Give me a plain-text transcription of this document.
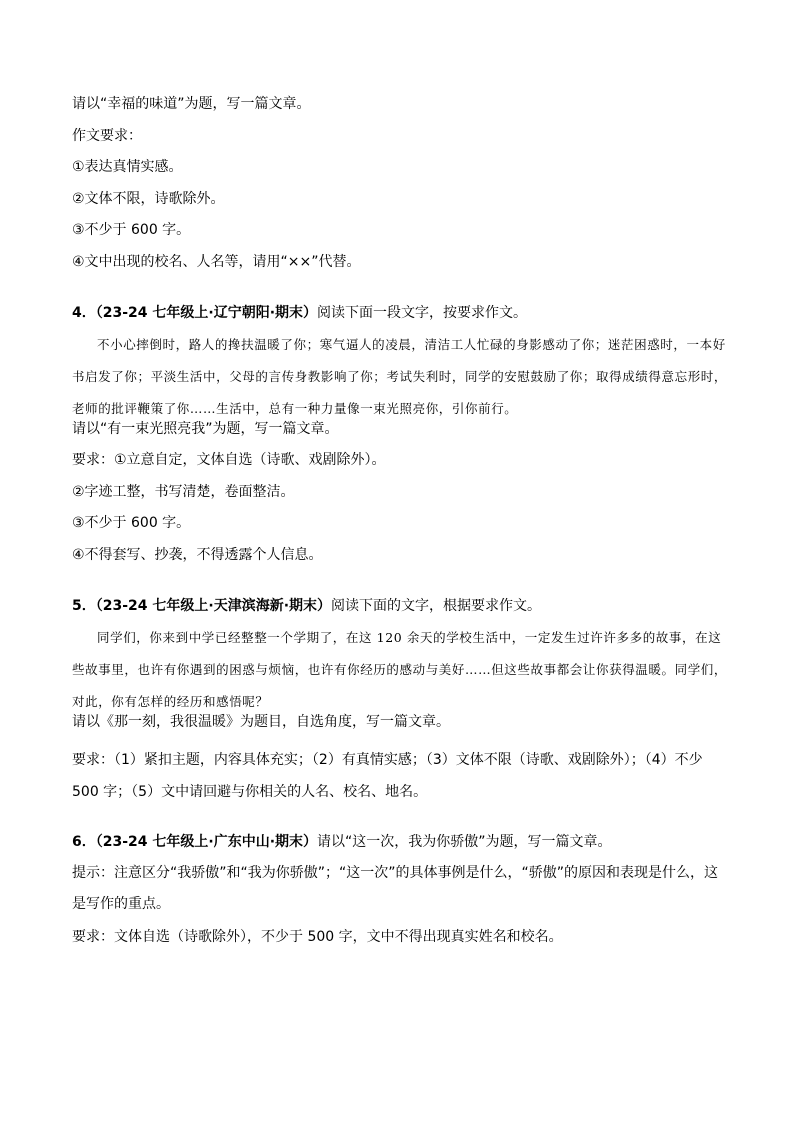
请以“幸福的味道”为题，写一篇文章。
作文要求：
①表达真情实感。
②文体不限，诗歌除外。
③不少于 600 字。
④文中出现的校名、人名等，请用“××”代替。
4．（23-24 七年级上·辽宁朝阳·期末）阅读下面一段文字，按要求作文。

不小心摔倒时，路人的搀扶温暖了你；寒气逼人的凌晨，清洁工人忙碌的身影感动了你；迷茫困惑时，一本好书启发了你；平淡生活中，父母的言传身教影响了你；考试失利时，同学的安慰鼓励了你；取得成绩得意忘形时，老师的批评鞭策了你……生活中，总有一种力量像一束光照亮你，引你前行。

请以“有一束光照亮我”为题，写一篇文章。
要求：①立意自定，文体自选（诗歌、戏剧除外）。
②字迹工整，书写清楚，卷面整洁。
③不少于 600 字。
④不得套写、抄袭，不得透露个人信息。
5．（23-24 七年级上·天津滨海新·期末）阅读下面的文字，根据要求作文。

同学们，你来到中学已经整整一个学期了，在这 120 余天的学校生活中，一定发生过许许多多的故事，在这些故事里，也许有你遇到的困惑与烦恼，也许有你经历的感动与美好……但这些故事都会让你获得温暖。同学们，对此，你有怎样的经历和感悟呢？

请以《那一刻，我很温暖》为题目，自选角度，写一篇文章。
要求：（1）紧扣主题，内容具体充实；（2）有真情实感；（3）文体不限（诗歌、戏剧除外）；（4）不少 500 字；（5）文中请回避与你相关的人名、校名、地名。
6．（23-24 七年级上·广东中山·期末）请以“这一次，我为你骄傲”为题，写一篇文章。
提示：注意区分“我骄傲”和“我为你骄傲”；“这一次”的具体事例是什么，“骄傲”的原因和表现是什么，这是写作的重点。
要求：文体自选（诗歌除外），不少于 500 字，文中不得出现真实姓名和校名。
